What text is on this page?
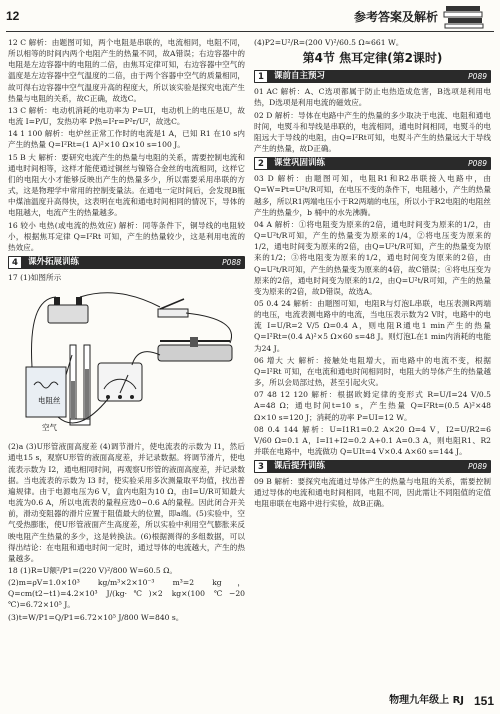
12	参考答案及解析

12 C 解析：由题图可知，两个电阻是串联的，电流相同，电阻不同，所以相等的时间内两个电阻产生的热量不同，故A错误；右边容器中的电阻是左边容器中的电阻的二倍，由焦耳定律可知，右边容器中空气的温度是左边容器中空气温度的二倍，由于两个容器中空气的质量相同，故可得右边容器中空气温度升高的程度大，所以该实验是探究电流产生热量与电阻的关系，故C正确，故选C。

13 C 解析：电动机消耗的电功率为 P=UI，电动机上的电压是U，故电流 I=P/U，发热功率 P热=I²r=P²r/U²，故选C。

14 1 100 解析：电炉丝正常工作时的电流是1 A，已知 R1 在10 s内产生的热量 Q=I²Rt=(1 A)²×10 Ω×10 s=100 J。

15 B 大 解析：要研究电流产生的热量与电阻的关系，需要控制电流和通电时间相等，这样才能使通过铜丝与镍铬合金丝的电流相同，这样它们的电阻大小才能够反映出产生的热量多少，所以需要采用串联的方式，这是物理学中常用的控制变量法。在通电一定时间后，会发现B瓶中煤油温度升高得快，这表明在电流和通电时间相同的情况下，导体的电阻越大，电流产生的热量越多。

16 较小 电热(或电流的热效应) 解析：同等条件下，铜导线的电阻较小，根据焦耳定律 Q=I²Rt 可知，产生的热量较少，这是利用电流的热效应。

4	课外拓展训练	P088

17 (1)如图所示

电阻丝
空气

(2)a (3)U形管液面高度差 (4)调节滑片，使电流表的示数为 I1，然后通电15 s，观察U形管的液面高度差，并记录数据。将调节滑片，使电流表示数为 I2，通电相同时间，再观察U形管的液面高度差，并记录数据。当电流表的示数为 I3 时，使实验采用多次测量取平均值，找出普遍规律。由于电源电压为6 V，盒内电阻为10 Ω，由I=U/R可知最大电流为0.6 A，所以电流表的量程应选0~0.6 A的量程。因此闭合开关前，滑动变阻器的滑片应置于阻值最大的位置，即a端。(5)实验中，空气受热膨胀，使U形管液面产生高度差，所以实验中利用空气膨胀来反映电阻产生热量的多少，这是转换法。(6)根据测得的多组数据，可以得出结论：在电阻和通电时间一定时，通过导体的电流越大，产生的热量越多。

18 (1)R=U额²/P1=(220 V)²/800 W=60.5 Ω。

(2)m=ρV=1.0×10³ kg/m³×2×10⁻³ m³=2 kg，Q=cm(t2−t1)=4.2×10³ J/(kg·℃)×2 kg×(100 ℃−20 ℃)=6.72×10⁵ J。

(3)t=W/P1=Q/P1=6.72×10⁵ J/800 W=840 s。

(4)P2=U²/R=(200 V)²/60.5 Ω≈661 W。

第4节 焦耳定律(第2课时)
1	课前自主预习	P089

01 AC 解析：A、C选项都属于防止电热造成危害，B选项是利用电热，D选项是利用电流的磁效应。

02 D 解析：导体在电路中产生的热量的多少取决于电流、电阻和通电时间，电熨斗和导线是串联的，电流相同，通电时间相同，电熨斗的电阻远大于导线的电阻，由Q=I²Rt可知，电熨斗产生的热量远大于导线产生的热量，故D正确。

2	课堂巩固训练	P089

03 D 解析：由题图可知，电阻R1和R2串联接入电路中，由Q=W=Pt=U²t/R可知，在电压不变的条件下，电阻越小，产生的热量越多，所以R1两端电压小于R2两端的电压，所以小于R2电阻的电阻丝产生的热量少，b 桶中的水先沸腾。

04 A 解析：①将电阻变为原来的2倍，通电时间变为原来的1/2，由Q=U²t/R可知，产生的热量变为原来的1/4，②将电压变为原来的1/2，通电时间变为原来的2倍，由Q=U²t/R可知，产生的热量变为原来的1/2；③将电阻变为原来的1/2，通电时间变为原来的2倍，由Q=U²t/R可知，产生的热量变为原来的4倍，故C错误；④将电压变为原来的2倍，通电时间变为原来的1/2，由Q=U²t/R可知，产生的热量变为原来的2倍，故D错误，故选A。

05 0.4 24 解析：由题图可知，电阻R与灯泡L串联，电压表测R两端的电压，电流表测电路中的电流，当电压表示数为2 V时，电路中的电流 I=U/R=2 V/5 Ω=0.4 A，则电阻R通电1 min产生的热量 Q=I²Rt=(0.4 A)²×5 Ω×60 s=48 J。则灯泡L在1 min内消耗的电能为24 J。

06 增大 大 解析：接触处电阻增大，而电路中的电流不变，根据 Q=I²Rt 可知，在电流和通电时间相同时，电阻大的导体产生的热量越多，所以会局部过热，甚至引起火灾。

07 48 12 120 解析：根据欧姆定律的变形式 R=U/I=24 V/0.5 A=48 Ω；通电时间t=10 s，产生热量 Q=I²Rt=(0.5 A)²×48 Ω×10 s=120 J；消耗的功率 P=UI=12 W。

08 0.4 144 解析：U=I1R1=0.2 A×20 Ω=4 V，I2=U/R2=6 V/60 Ω=0.1 A，I=I1+I2=0.2 A+0.1 A=0.3 A，则电阻R1、R2并联在电路中，电流做功 Q=UIt=4 V×0.4 A×60 s=144 J。

3	课后提升训练	P089

09 B 解析：要探究电流通过导体产生的热量与电阻的关系，需要控制通过导体的电流和通电时间相同，电阻不同，因此需让不同阻值的定值电阻串联在电路中进行实验，故B正确。

物理九年级上 RJ 151
